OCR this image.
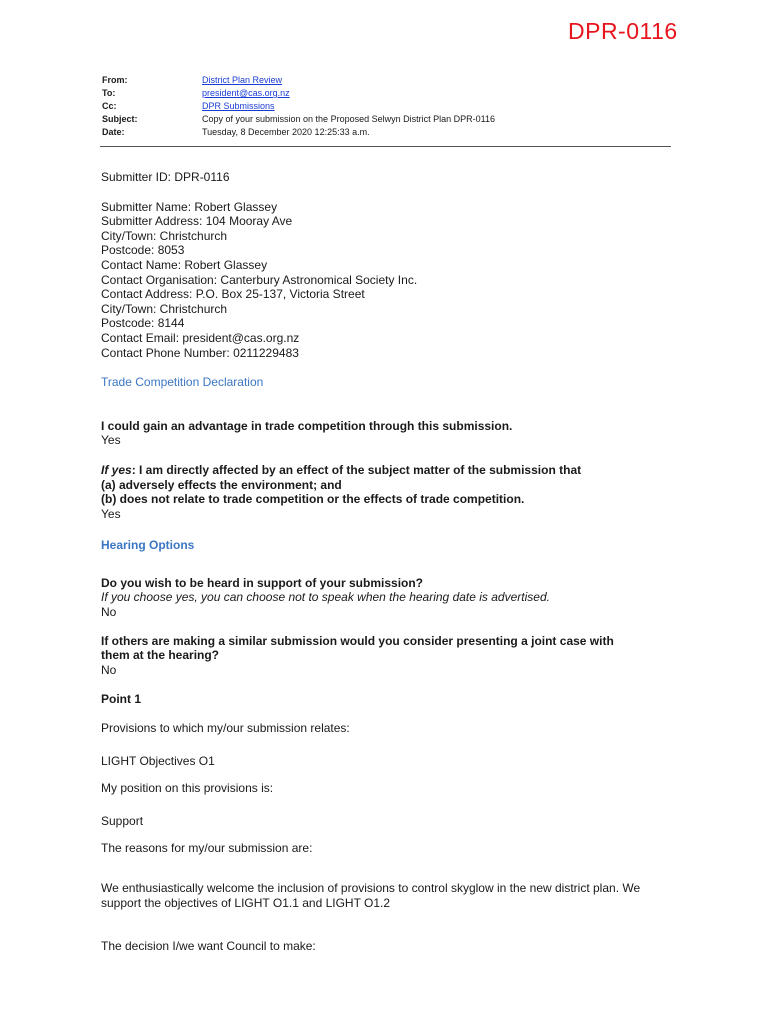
DPR-0116
From:	District Plan Review
To:	president@cas.org.nz
Cc:	DPR Submissions
Subject:	Copy of your submission on the Proposed Selwyn District Plan DPR-0116
Date:	Tuesday, 8 December 2020 12:25:33 a.m.

Submitter ID: DPR-0116

Submitter Name: Robert Glassey

Submitter Address: 104 Mooray Ave

City/Town: Christchurch

Postcode: 8053

Contact Name: Robert Glassey

Contact Organisation: Canterbury Astronomical Society Inc.

Contact Address: P.O. Box 25-137, Victoria Street

City/Town: Christchurch

Postcode: 8144

Contact Email: president@cas.org.nz

Contact Phone Number: 0211229483

Trade Competition Declaration

I could gain an advantage in trade competition through this submission.

Yes

If yes: I am directly affected by an effect of the subject matter of the submission that

(a) adversely effects the environment; and

(b) does not relate to trade competition or the effects of trade competition.

Yes

Hearing Options

Do you wish to be heard in support of your submission?

If you choose yes, you can choose not to speak when the hearing date is advertised.

No

If others are making a similar submission would you consider presenting a joint case with

them at the hearing?

No

Point 1

Provisions to which my/our submission relates:

LIGHT Objectives O1

My position on this provisions is:

Support

The reasons for my/our submission are:

We enthusiastically welcome the inclusion of provisions to control skyglow in the new district plan. We

support the objectives of LIGHT O1.1 and LIGHT O1.2

The decision I/we want Council to make:
